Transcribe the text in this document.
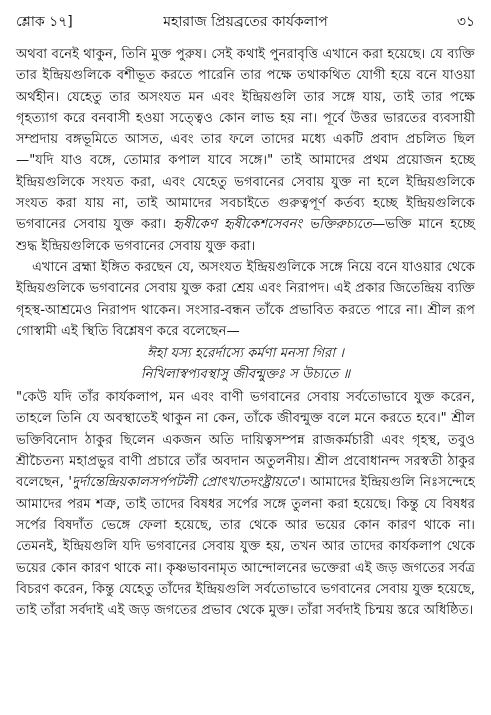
শ্লোক ১৭]	মহারাজ প্রিয়ব্রতের কার্যকলাপ	৩১

অথবা বনেই থাকুন, তিনি মুক্ত পুরুষ। সেই কথাই পুনরাবৃত্তি এখানে করা হয়েছে। যে ব্যক্তি তার ইন্দ্রিয়গুলিকে বশীভূত করতে পারেনি তার পক্ষে তথাকথিত যোগী হয়ে বনে যাওয়া অর্থহীন। যেহেতু তার অসংযত মন এবং ইন্দ্রিয়গুলি তার সঙ্গে যায়, তাই তার পক্ষে গৃহত্যাগ করে বনবাসী হওয়া সত্ত্বেও কোন লাভ হয় না। পূর্বে উত্তর ভারতের ব্যবসায়ী সম্প্রদায় বঙ্গভূমিতে আসত, এবং তার ফলে তাদের মধ্যে একটি প্রবাদ প্রচলিত ছিল—"যদি যাও বঙ্গে, তোমার কপাল যাবে সঙ্গে।" তাই আমাদের প্রথম প্রয়োজন হচ্ছে ইন্দ্রিয়গুলিকে সংযত করা, এবং যেহেতু ভগবানের সেবায় যুক্ত না হলে ইন্দ্রিয়গুলিকে সংযত করা যায় না, তাই আমাদের সবচাইতে গুরুত্বপূর্ণ কর্তব্য হচ্ছে ইন্দ্রিয়গুলিকে ভগবানের সেবায় যুক্ত করা। হৃষীকেণ হৃষীকেশসেবনং ভক্তিরুচ্যতে—ভক্তি মানে হচ্ছে শুদ্ধ ইন্দ্রিয়গুলিকে ভগবানের সেবায় যুক্ত করা।

এখানে ব্রহ্মা ইঙ্গিত করছেন যে, অসংযত ইন্দ্রিয়গুলিকে সঙ্গে নিয়ে বনে যাওয়ার থেকে ইন্দ্রিয়গুলিকে ভগবানের সেবায় যুক্ত করা শ্রেয় এবং নিরাপদ। এই প্রকার জিতেন্দ্রিয় ব্যক্তি গৃহস্থ-আশ্রমেও নিরাপদ থাকেন। সংসার-বন্ধন তাঁকে প্রভাবিত করতে পারে না। শ্রীল রূপ গোস্বামী এই স্থিতি বিশ্লেষণ করে বলেছেন—

ঈহা যস্য হরের্দাস্যে কর্মণা মনসা গিরা ।
নিখিলাস্বপ্যবস্থাসু জীবন্মুক্তঃ স উচ্যতে ॥

"কেউ যদি তাঁর কার্যকলাপ, মন এবং বাণী ভগবানের সেবায় সর্বতোভাবে যুক্ত করেন, তাহলে তিনি যে অবস্থাতেই থাকুন না কেন, তাঁকে জীবন্মুক্ত বলে মনে করতে হবে।" শ্রীল ভক্তিবিনোদ ঠাকুর ছিলেন একজন অতি দায়িত্বসম্পন্ন রাজকর্মচারী এবং গৃহস্থ, তবুও শ্রীচৈতন্য মহাপ্রভুর বাণী প্রচারে তাঁর অবদান অতুলনীয়। শ্রীল প্রবোধানন্দ সরস্বতী ঠাকুর বলেছেন, 'দুর্দান্তেন্দ্রিয়কালসর্পপটলী প্রোৎখাতদংষ্ট্রায়তে'। আমাদের ইন্দ্রিয়গুলি নিঃসন্দেহে আমাদের পরম শত্রু, তাই তাদের বিষধর সর্পের সঙ্গে তুলনা করা হয়েছে। কিন্তু যে বিষধর সর্পের বিষদাঁত ভেঙ্গে ফেলা হয়েছে, তার থেকে আর ভয়ের কোন কারণ থাকে না। তেমনই, ইন্দ্রিয়গুলি যদি ভগবানের সেবায় যুক্ত হয়, তখন আর তাদের কার্যকলাপ থেকে ভয়ের কোন কারণ থাকে না। কৃষ্ণভাবনামৃত আন্দোলনের ভক্তেরা এই জড় জগতের সর্বত্র বিচরণ করেন, কিন্তু যেহেতু তাঁদের ইন্দ্রিয়গুলি সর্বতোভাবে ভগবানের সেবায় যুক্ত হয়েছে, তাই তাঁরা সর্বদাই এই জড় জগতের প্রভাব থেকে মুক্ত। তাঁরা সর্বদাই চিন্ময় স্তরে অধিষ্ঠিত।
